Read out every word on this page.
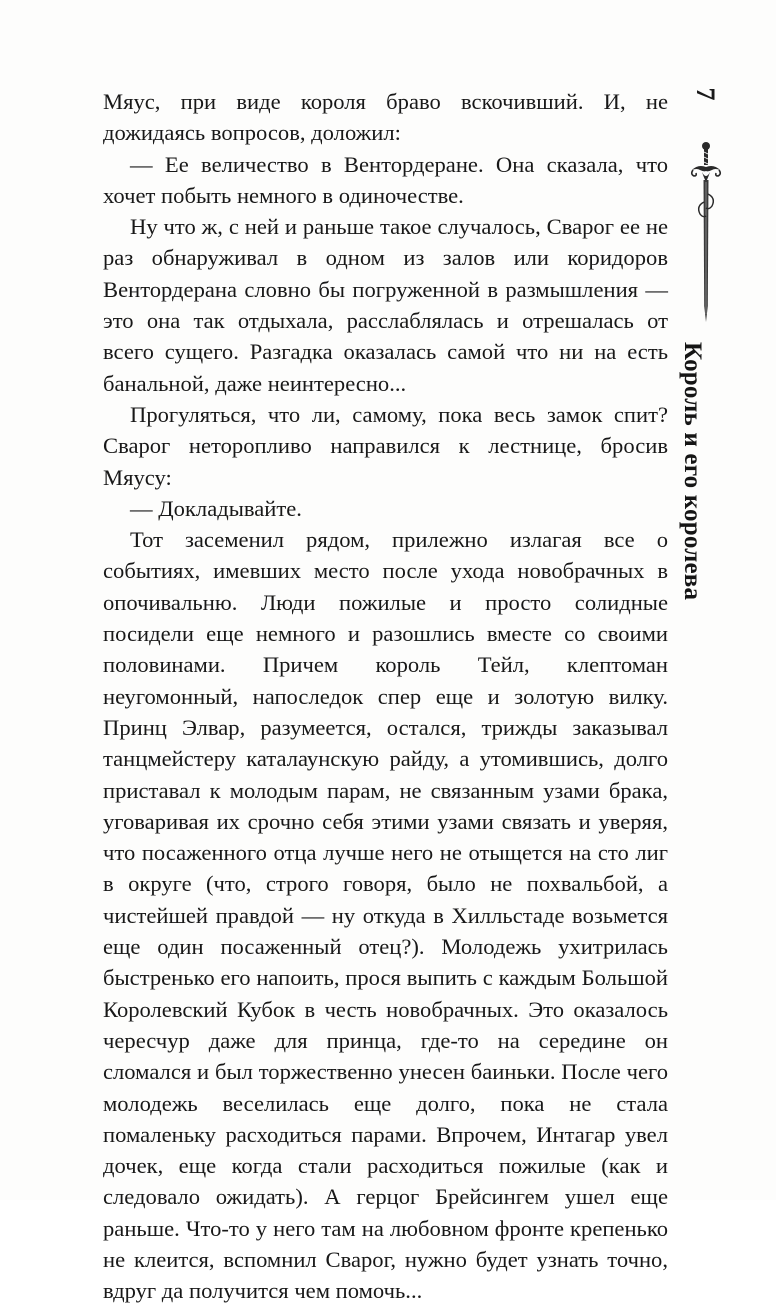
Мяус, при виде короля браво вскочивший. И, не дожидаясь вопросов, доложил:

— Ее величество в Вентордеране. Она сказала, что хочет побыть немного в одиночестве.

Ну что ж, с ней и раньше такое случалось, Сварог ее не раз обнаруживал в одном из залов или коридоров Вентордерана словно бы погруженной в размышления — это она так отдыхала, расслаблялась и отрешалась от всего сущего. Разгадка оказалась самой что ни на есть банальной, даже неинтересно...

Прогуляться, что ли, самому, пока весь замок спит? Сварог неторопливо направился к лестнице, бросив Мяусу:

— Докладывайте.

Тот засеменил рядом, прилежно излагая все о событиях, имевших место после ухода новобрачных в опочивальню. Люди пожилые и просто солидные посидели еще немного и разошлись вместе со своими половинами. Причем король Тейл, клептоман неугомонный, напоследок спер еще и золотую вилку. Принц Элвар, разумеется, остался, трижды заказывал танцмейстеру каталаунскую райду, а утомившись, долго приставал к молодым парам, не связанным узами брака, уговаривая их срочно себя этими узами связать и уверяя, что посаженного отца лучше него не отыщется на сто лиг в округе (что, строго говоря, было не похвальбой, а чистейшей правдой — ну откуда в Хилльстаде возьмется еще один посаженный отец?). Молодежь ухитрилась быстренько его напоить, прося выпить с каждым Большой Королевский Кубок в честь новобрачных. Это оказалось чересчур даже для принца, где-то на середине он сломался и был торжественно унесен баиньки. После чего молодежь веселилась еще долго, пока не стала помаленьку расходиться парами. Впрочем, Интагар увел дочек, еще когда стали расходиться пожилые (как и следовало ожидать). А герцог Брейсингем ушел еще раньше. Что-то у него там на любовном фронте крепенько не клеится, вспомнил Сварог, нужно будет узнать точно, вдруг да получится чем помочь...

7
Король и его королева
